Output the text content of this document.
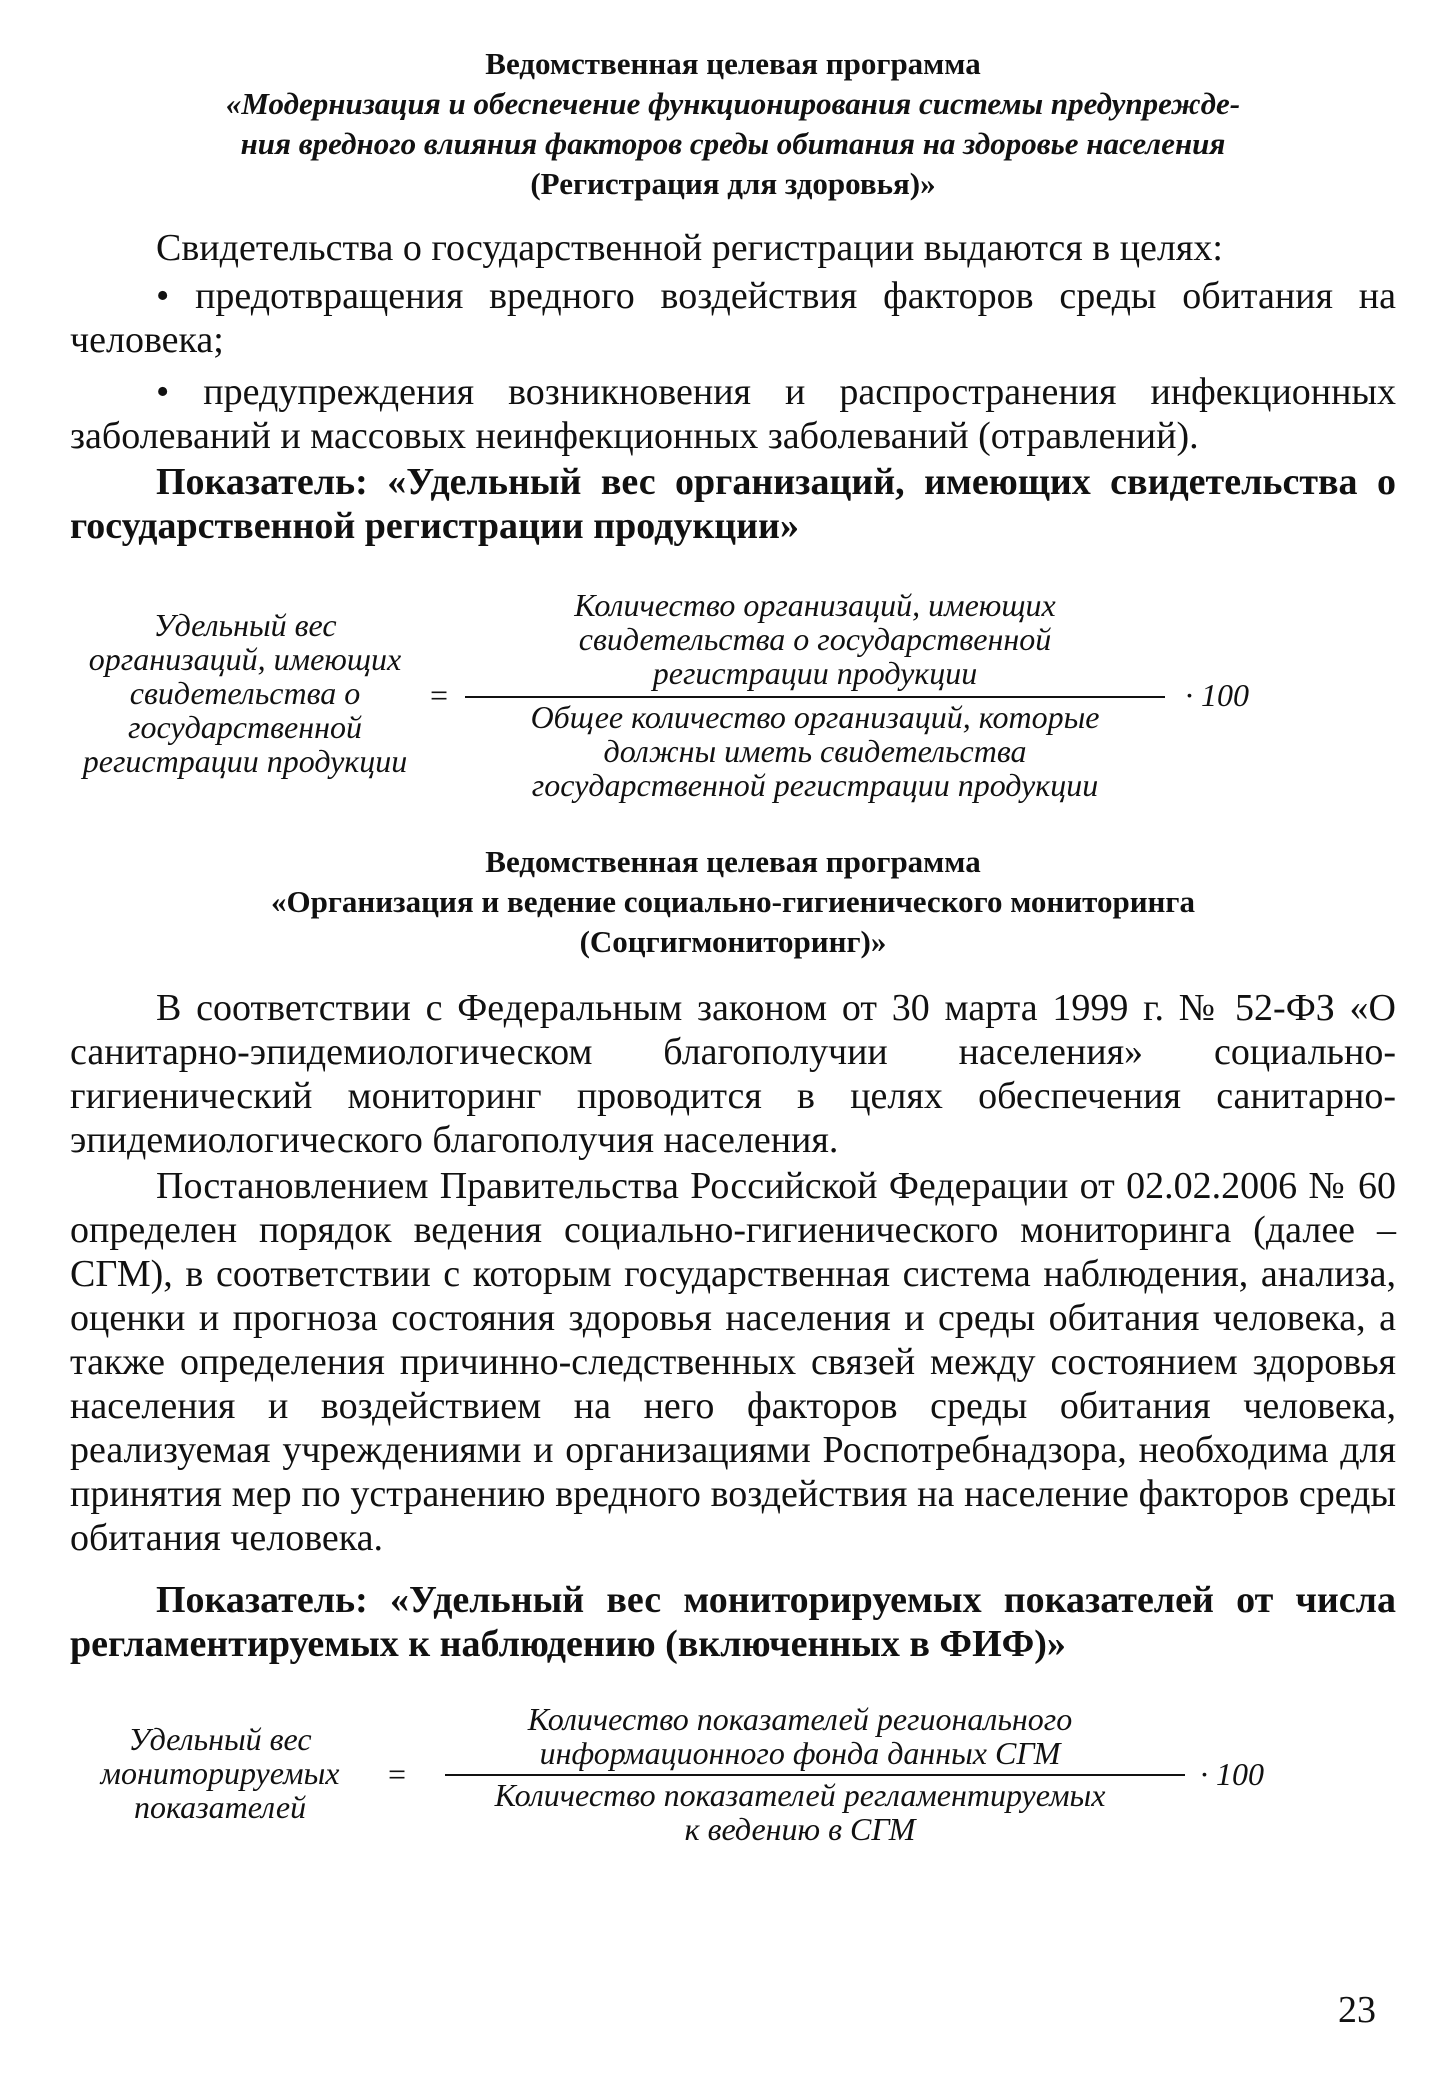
Ведомственная целевая программа
«Модернизация и обеспечение функционирования системы предупрежде-
ния вредного влияния факторов среды обитания на здоровье населения
(Регистрация для здоровья)»

Свидетельства о государственной регистрации выдаются в целях:

• предотвращения вредного воздействия факторов среды обитания на человека;

• предупреждения возникновения и распространения инфекционных заболеваний и массовых неинфекционных заболеваний (отравлений).

Показатель: «Удельный вес организаций, имеющих свидетельства о государственной регистрации продукции»

Удельный вес
организаций, имеющих
свидетельства о
государственной
регистрации продукции
=
Количество организаций, имеющих
свидетельства о государственной
регистрации продукции
Общее количество организаций, которые
должны иметь свидетельства
государственной регистрации продукции
· 100
Ведомственная целевая программа
«Организация и ведение социально-гигиенического мониторинга
(Соцгигмониторинг)»

В соответствии с Федеральным законом от 30 марта 1999 г. № 52-ФЗ «О санитарно-эпидемиологическом благополучии населения» социально-гигиенический мониторинг проводится в целях обеспечения санитарно-эпидемиологического благополучия населения.

Постановлением Правительства Российской Федерации от 02.02.2006 № 60 определен порядок ведения социально-гигиенического мониторинга (далее – СГМ), в соответствии с которым государственная система наблюдения, анализа, оценки и прогноза состояния здоровья населения и среды обитания человека, а также определения причинно-следственных связей между состоянием здоровья населения и воздействием на него факторов среды обитания человека, реализуемая учреждениями и организациями Роспотребнадзора, необходима для принятия мер по устранению вредного воздействия на население факторов среды обитания человека.

Показатель: «Удельный вес мониторируемых показателей от числа регламентируемых к наблюдению (включенных в ФИФ)»

Удельный вес
мониторируемых
показателей
=
Количество показателей регионального
информационного фонда данных СГМ
Количество показателей регламентируемых
к ведению в СГМ
· 100
23
